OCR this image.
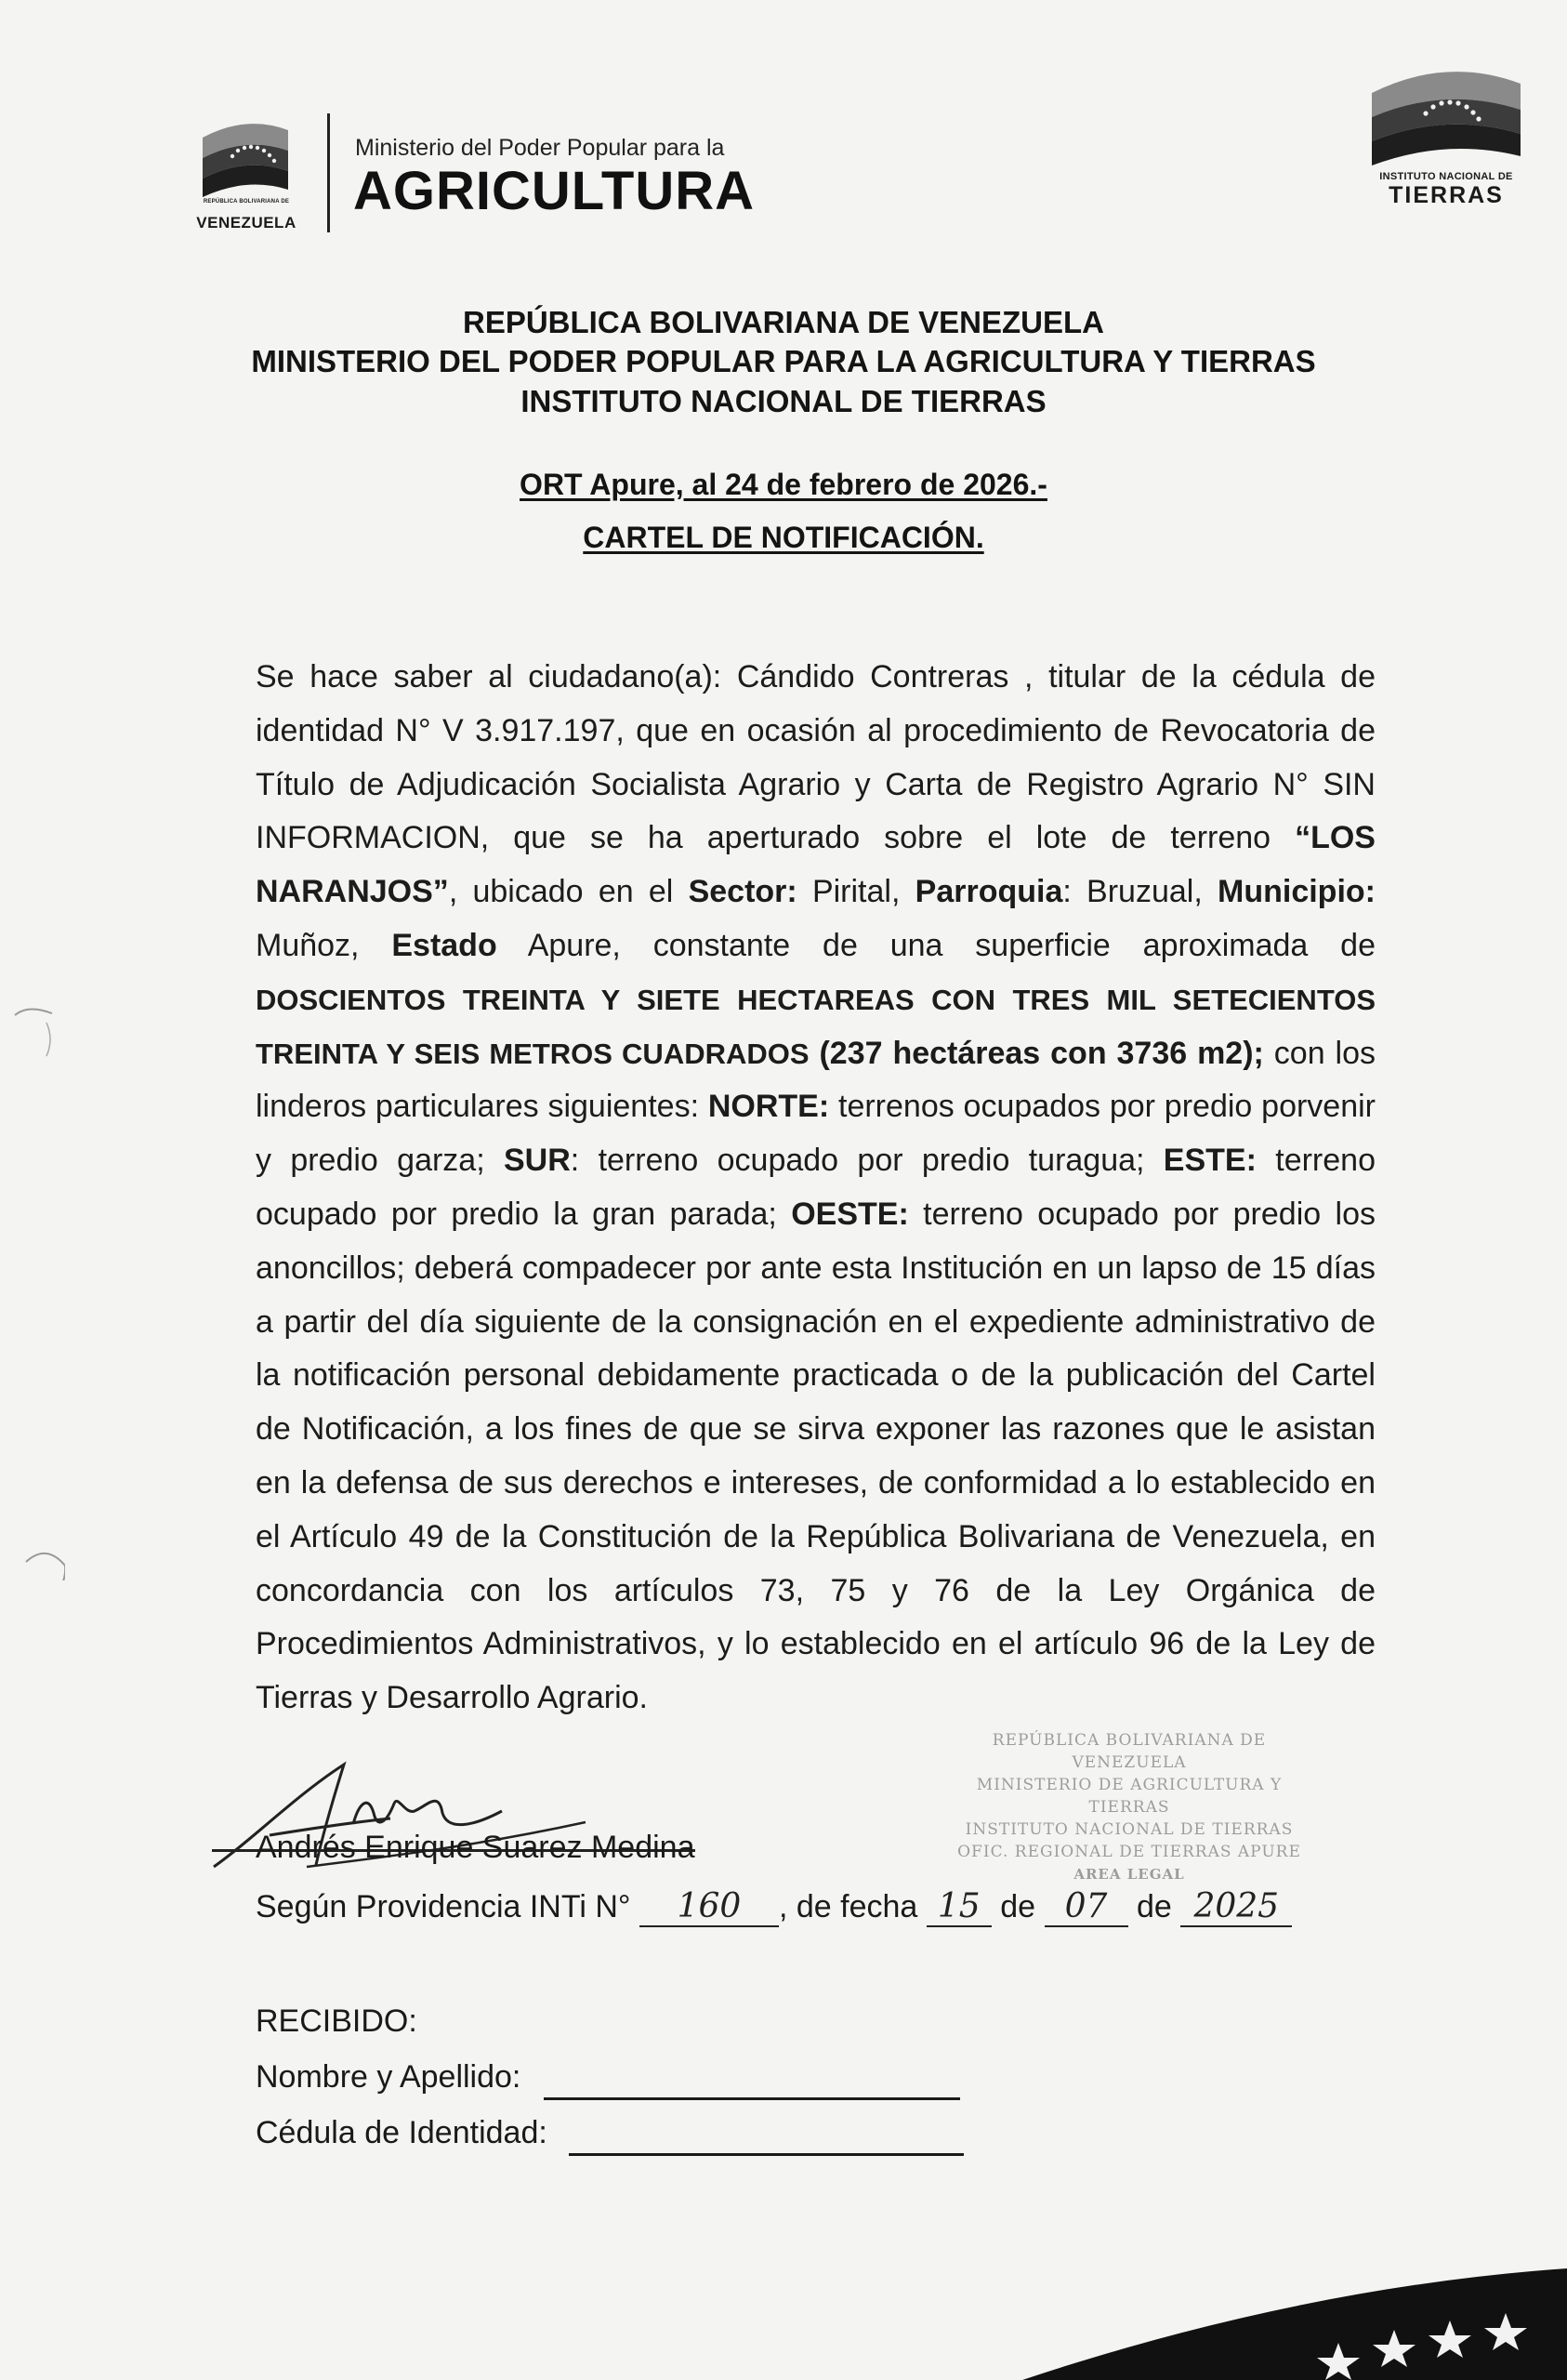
REPÚBLICA BOLIVARIANA DE
VENEZUELA
Ministerio del Poder Popular para la
AGRICULTURA	INSTITUTO NACIONAL DE
TIERRAS
REPÚBLICA BOLIVARIANA DE VENEZUELA
MINISTERIO DEL PODER POPULAR PARA LA AGRICULTURA Y TIERRAS
INSTITUTO NACIONAL DE TIERRAS
ORT Apure, al 24 de febrero de 2026.-
CARTEL DE NOTIFICACIÓN.
Se hace saber al ciudadano(a): Cándido Contreras , titular de la cédula de identidad N° V 3.917.197, que en ocasión al procedimiento de Revocatoria de Título de Adjudicación Socialista Agrario y Carta de Registro Agrario N° SIN INFORMACION, que se ha aperturado sobre el lote de terreno “LOS NARANJOS”, ubicado en el Sector: Pirital, Parroquia: Bruzual, Municipio: Muñoz, Estado Apure, constante de una superficie aproximada de DOSCIENTOS TREINTA Y SIETE HECTAREAS CON TRES MIL SETECIENTOS TREINTA Y SEIS METROS CUADRADOS (237 hectáreas con 3736 m2); con los linderos particulares siguientes: NORTE: terrenos ocupados por predio porvenir y predio garza; SUR: terreno ocupado por predio turagua; ESTE: terreno ocupado por predio la gran parada; OESTE: terreno ocupado por predio los anoncillos; deberá compadecer por ante esta Institución en un lapso de 15 días a partir del día siguiente de la consignación en el expediente administrativo de la notificación personal debidamente practicada o de la publicación del Cartel de Notificación, a los fines de que se sirva exponer las razones que le asistan en la defensa de sus derechos e intereses, de conformidad a lo establecido en el Artículo 49 de la Constitución de la República Bolivariana de Venezuela, en concordancia con los artículos 73, 75 y 76 de la Ley Orgánica de Procedimientos Administrativos, y lo establecido en el artículo 96 de la Ley de Tierras y Desarrollo Agrario.
REPÚBLICA BOLIVARIANA DE VENEZUELA
MINISTERIO DE AGRICULTURA Y TIERRAS
INSTITUTO NACIONAL DE TIERRAS
OFIC. REGIONAL DE TIERRAS APURE
AREA LEGAL
Andrés Enrique Suarez Medina
Según Providencia INTi N° 160 , de fecha 15 de 07 de 2025
RECIBIDO:
Nombre y Apellido:
Cédula de Identidad:
